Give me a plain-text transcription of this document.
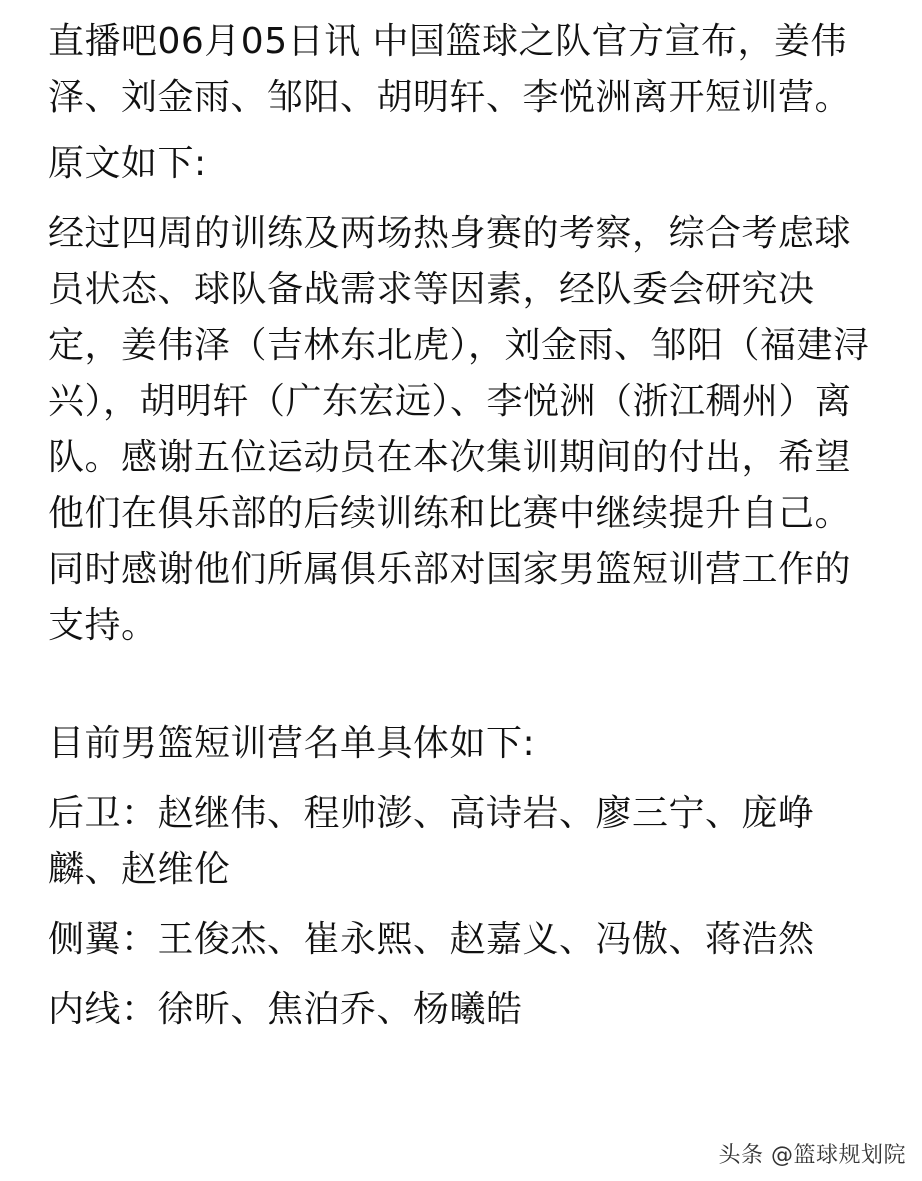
直播吧06月05日讯 中国篮球之队官方宣布，姜伟泽、刘金雨、邹阳、胡明轩、李悦洲离开短训营。

原文如下:

经过四周的训练及两场热身赛的考察，综合考虑球员状态、球队备战需求等因素，经队委会研究决定，姜伟泽（吉林东北虎），刘金雨、邹阳（福建浔兴），胡明轩（广东宏远）、李悦洲（浙江稠州）离队。感谢五位运动员在本次集训期间的付出，希望他们在俱乐部的后续训练和比赛中继续提升自己。同时感谢他们所属俱乐部对国家男篮短训营工作的支持。

目前男篮短训营名单具体如下:

后卫：赵继伟、程帅澎、高诗岩、廖三宁、庞峥麟、赵维伦

侧翼：王俊杰、崔永熙、赵嘉义、冯傲、蒋浩然

内线：徐昕、焦泊乔、杨曦皓

头条 @篮球规划院
